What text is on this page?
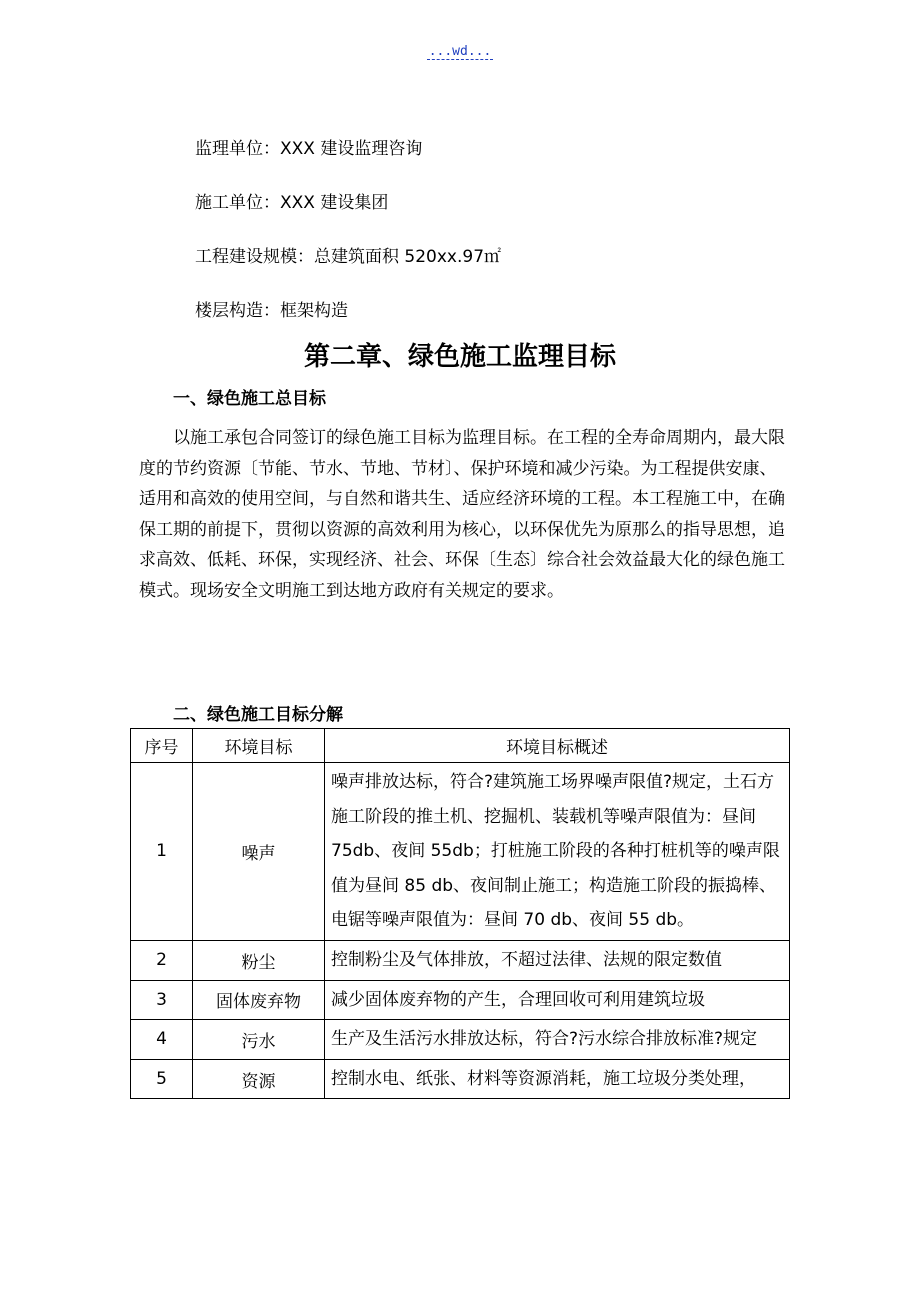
...wd...
监理单位：XXX 建设监理咨询
施工单位：XXX 建设集团
工程建设规模：总建筑面积 520xx.97㎡
楼层构造：框架构造
第二章、绿色施工监理目标
一、绿色施工总目标
以施工承包合同签订的绿色施工目标为监理目标。在工程的全寿命周期内，最大限度的节约资源〔节能、节水、节地、节材〕、保护环境和减少污染。为工程提供安康、适用和高效的使用空间，与自然和谐共生、适应经济环境的工程。本工程施工中，在确保工期的前提下，贯彻以资源的高效利用为核心，以环保优先为原那么的指导思想，追求高效、低耗、环保，实现经济、社会、环保〔生态〕综合社会效益最大化的绿色施工模式。现场安全文明施工到达地方政府有关规定的要求。
二、绿色施工目标分解
序号	环境目标	环境目标概述
1	噪声	噪声排放达标，符合?建筑施工场界噪声限值?规定，土石方施工阶段的推土机、挖掘机、装载机等噪声限值为：昼间 75db、夜间 55db；打桩施工阶段的各种打桩机等的噪声限值为昼间 85 db、夜间制止施工；构造施工阶段的振捣棒、电锯等噪声限值为：昼间 70 db、夜间 55 db。
2	粉尘	控制粉尘及气体排放，不超过法律、法规的限定数值
3	固体废弃物	减少固体废弃物的产生，合理回收可利用建筑垃圾
4	污水	生产及生活污水排放达标，符合?污水综合排放标准?规定
5	资源	控制水电、纸张、材料等资源消耗，施工垃圾分类处理，
